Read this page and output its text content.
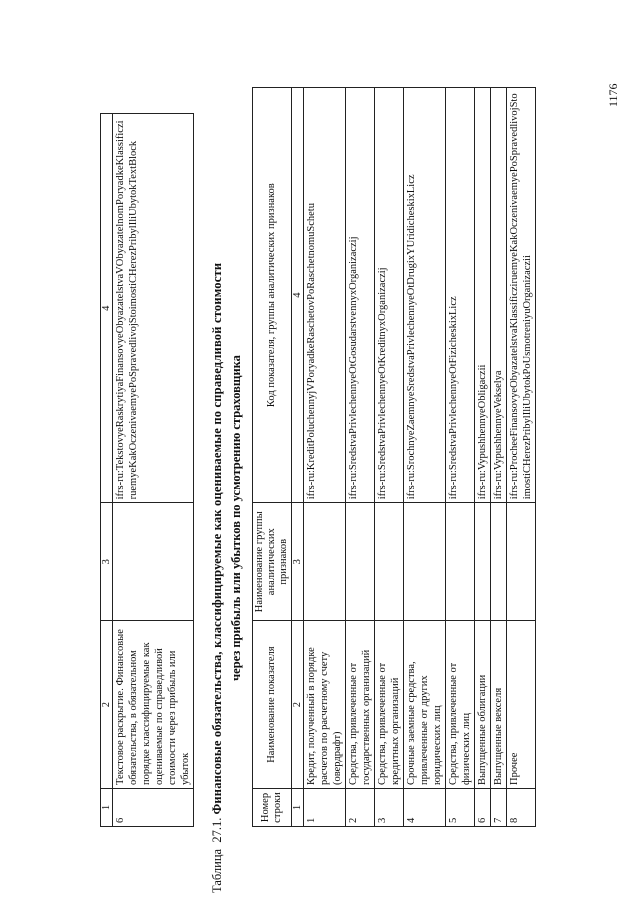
1	2	3	4
6	Текстовое раскрытие. Финансовые обязательства, в обязательном порядке классифицируемые как оцениваемые по справедливой стоимости через прибыль или убыток		ifrs-ru:TekstovyeRaskrytiyaFinansovyeObyazatelstvaVObyazatelnomPoryadkeKlassificziruemyeKakOczenivaemyePoSpravedlivojStoimostiCHerezPribylIliUbytokTextBlock
Таблица  27.1. Финансовые обязательства, классифицируемые как оцениваемые по справедливой стоимости через прибыль или убытков по усмотрению страховщика
Номер строки	Наименование показателя	Наименование группы аналитических признаков	Код показателя, группы аналитических признаков
1	2	3	4
1	Кредит, полученный в порядке расчетов по расчетному счету (овердрафт)		ifrs-ru:KreditPoluchennyjVPoryadkeRaschetovPoRaschetnomuSchetu
2	Средства, привлеченные от государственных организаций		ifrs-ru:SredstvaPrivlechennyeOtGosudarstvennyxOrganizaczij
3	Средства, привлеченные от кредитных организаций		ifrs-ru:SredstvaPrivlechennyeOtKreditnyxOrganizaczij
4	Срочные заемные средства, привлеченные от других юридических лиц		ifrs-ru:SrochnyeZaemnyeSredstvaPrivlechennyeOtDrugixYUridicheskixLicz
5	Средства, привлеченные от физических лиц		ifrs-ru:SredstvaPrivlechennyeOtFizicheskixLicz
6	Выпущенные облигации		ifrs-ru:VypushhennyeObligaczii
7	Выпущенные векселя		ifrs-ru:VypushhennyeVekselya
8	Прочее		ifrs-ru:ProcheeFinansovyeObyazatelstvaKlassificziruemyeKakOczenivaemyePoSpravedlivojStoimostiCHerezPribylIliUbytokPoUsmotreniyuOrganizaczii
1176
